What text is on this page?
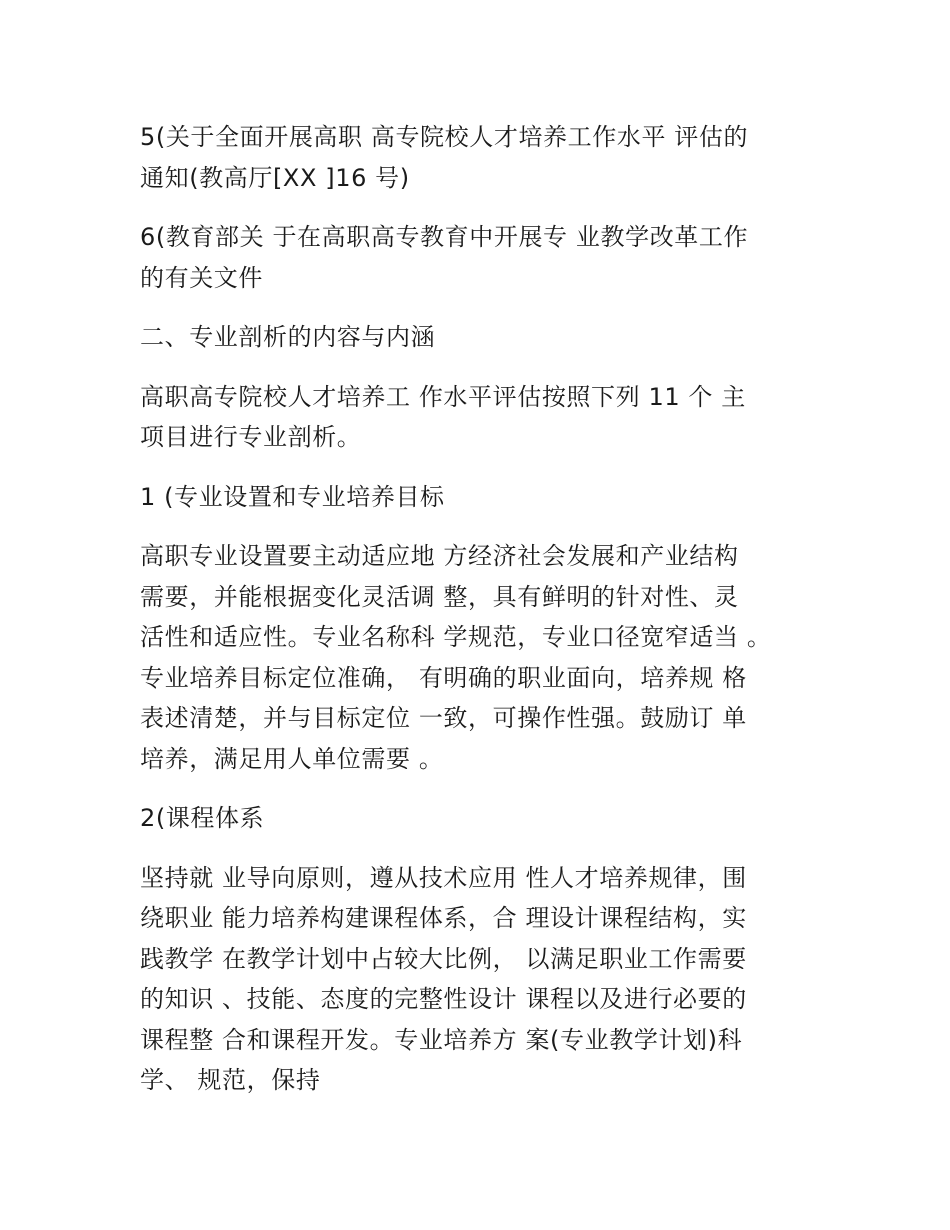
5(关于全面开展高职 高专院校人才培养工作水平 评估的
通知(教高厅[XX ]16 号)

6(教育部关 于在高职高专教育中开展专 业教学改革工作
的有关文件

二、专业剖析的内容与内涵

高职高专院校人才培养工 作水平评估按照下列 11 个 主
项目进行专业剖析。

1 (专业设置和专业培养目标

高职专业设置要主动适应地 方经济社会发展和产业结构
需要，并能根据变化灵活调 整，具有鲜明的针对性、灵
活性和适应性。专业名称科 学规范，专业口径宽窄适当 。
专业培养目标定位准确， 有明确的职业面向，培养规 格
表述清楚，并与目标定位 一致，可操作性强。鼓励订 单
培养，满足用人单位需要 。

2(课程体系

坚持就 业导向原则，遵从技术应用 性人才培养规律，围
绕职业 能力培养构建课程体系，合 理设计课程结构，实
践教学 在教学计划中占较大比例， 以满足职业工作需要
的知识 、技能、态度的完整性设计 课程以及进行必要的
课程整 合和课程开发。专业培养方 案(专业教学计划)科
学、 规范，保持
